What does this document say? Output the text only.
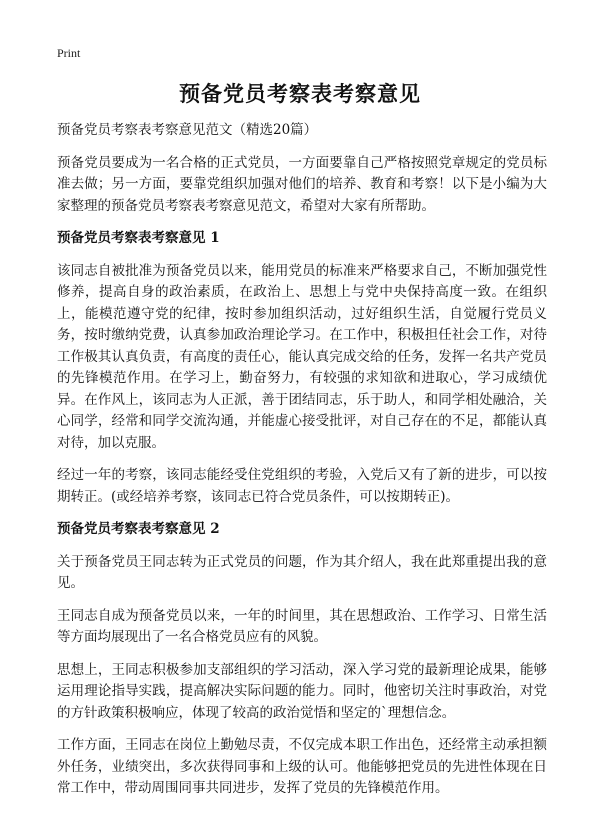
Print
预备党员考察表考察意见

预备党员考察表考察意见范文（精选20篇）

预备党员要成为一名合格的正式党员，一方面要靠自己严格按照党章规定的党员标准去做；另一方面，要靠党组织加强对他们的培养、教育和考察！以下是小编为大家整理的预备党员考察表考察意见范文，希望对大家有所帮助。

预备党员考察表考察意见 1

该同志自被批准为预备党员以来，能用党员的标准来严格要求自己，不断加强党性修养，提高自身的政治素质，在政治上、思想上与党中央保持高度一致。在组织上，能模范遵守党的纪律，按时参加组织活动，过好组织生活，自觉履行党员义务，按时缴纳党费，认真参加政治理论学习。在工作中，积极担任社会工作，对待工作极其认真负责，有高度的责任心，能认真完成交给的任务，发挥一名共产党员的先锋模范作用。在学习上，勤奋努力，有较强的求知欲和进取心，学习成绩优异。在作风上，该同志为人正派，善于团结同志，乐于助人，和同学相处融洽，关心同学，经常和同学交流沟通，并能虚心接受批评，对自己存在的不足，都能认真对待，加以克服。

经过一年的考察，该同志能经受住党组织的考验，入党后又有了新的进步，可以按期转正。(或经培养考察，该同志已符合党员条件，可以按期转正)。

预备党员考察表考察意见 2

关于预备党员王同志转为正式党员的问题，作为其介绍人，我在此郑重提出我的意见。

王同志自成为预备党员以来，一年的时间里，其在思想政治、工作学习、日常生活等方面均展现出了一名合格党员应有的风貌。

思想上，王同志积极参加支部组织的学习活动，深入学习党的最新理论成果，能够运用理论指导实践，提高解决实际问题的能力。同时，他密切关注时事政治，对党的方针政策积极响应，体现了较高的政治觉悟和坚定的`理想信念。

工作方面，王同志在岗位上勤勉尽责，不仅完成本职工作出色，还经常主动承担额外任务，业绩突出，多次获得同事和上级的认可。他能够把党员的先进性体现在日常工作中，带动周围同事共同进步，发挥了党员的先锋模范作用。
